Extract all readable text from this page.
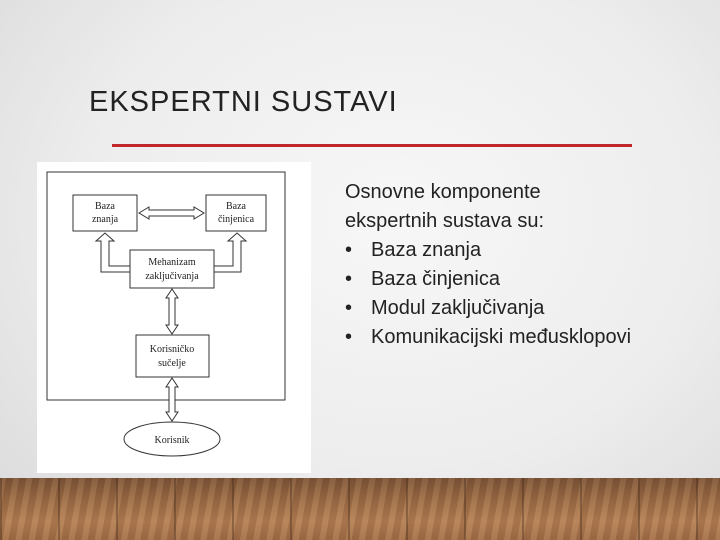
EKSPERTNI SUSTAVI
Baza
znanja
Baza
činjenica
Mehanizam
zaključivanja
Korisničko
sučelje
Korisnik
Osnovne komponente
ekspertnih sustava su:
• Baza znanja
• Baza činjenica
• Modul zaključivanja
• Komunikacijski međusklopovi
